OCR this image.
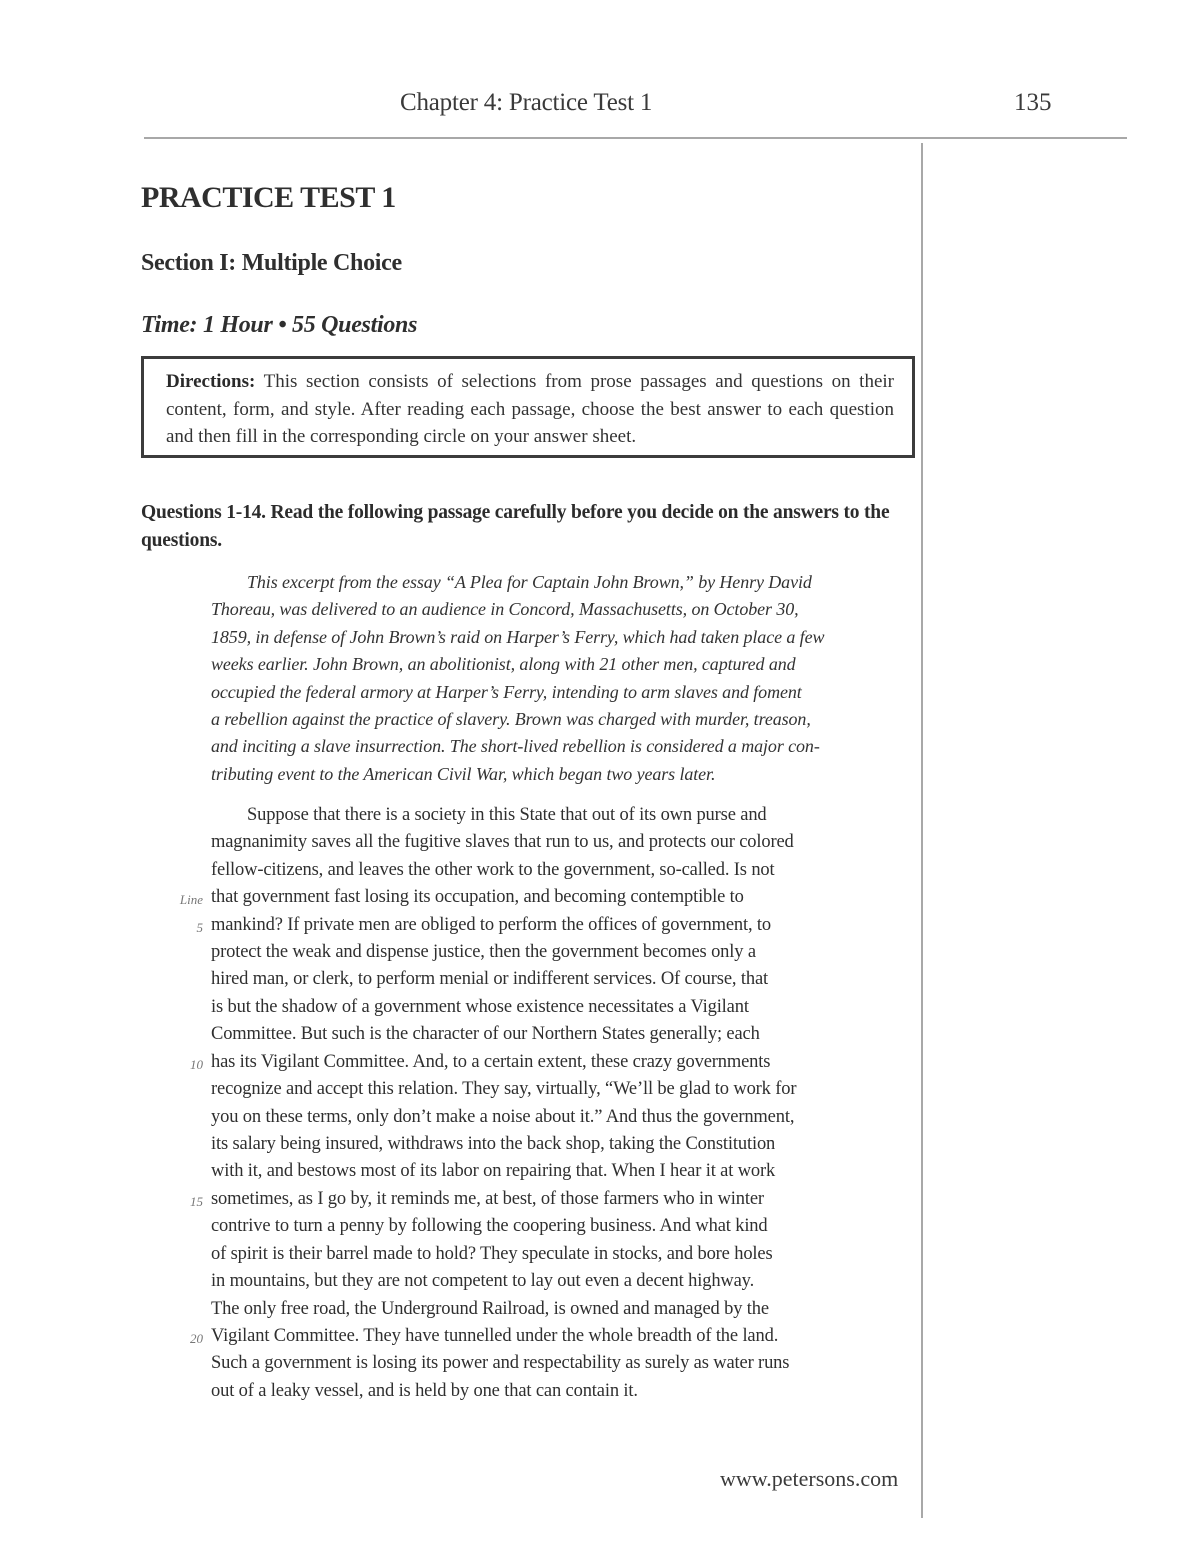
Chapter 4: Practice Test 1	135
PRACTICE TEST 1
Section I: Multiple Choice
Time: 1 Hour • 55 Questions
Directions: This section consists of selections from prose passages and questions on their content, form, and style. After reading each passage, choose the best answer to each question and then fill in the corresponding circle on your answer sheet.
Questions 1-14. Read the following passage carefully before you decide on the answers to the questions.
This excerpt from the essay “A Plea for Captain John Brown,” by Henry David
Thoreau, was delivered to an audience in Concord, Massachusetts, on October 30,
1859, in defense of John Brown’s raid on Harper’s Ferry, which had taken place a few
weeks earlier. John Brown, an abolitionist, along with 21 other men, captured and
occupied the federal armory at Harper’s Ferry, intending to arm slaves and foment
a rebellion against the practice of slavery. Brown was charged with murder, treason,
and inciting a slave insurrection. The short-lived rebellion is considered a major con-
tributing event to the American Civil War, which began two years later.
Suppose that there is a society in this State that out of its own purse and
magnanimity saves all the fugitive slaves that run to us, and protects our colored
fellow-citizens, and leaves the other work to the government, so-called. Is not
that government fast losing its occupation, and becoming contemptible to
mankind? If private men are obliged to perform the offices of government, to
protect the weak and dispense justice, then the government becomes only a
hired man, or clerk, to perform menial or indifferent services. Of course, that
is but the shadow of a government whose existence necessitates a Vigilant
Committee. But such is the character of our Northern States generally; each
has its Vigilant Committee. And, to a certain extent, these crazy governments
recognize and accept this relation. They say, virtually, “We’ll be glad to work for
you on these terms, only don’t make a noise about it.” And thus the government,
its salary being insured, withdraws into the back shop, taking the Constitution
with it, and bestows most of its labor on repairing that. When I hear it at work
sometimes, as I go by, it reminds me, at best, of those farmers who in winter
contrive to turn a penny by following the coopering business. And what kind
of spirit is their barrel made to hold? They speculate in stocks, and bore holes
in mountains, but they are not competent to lay out even a decent highway.
The only free road, the Underground Railroad, is owned and managed by the
Vigilant Committee. They have tunnelled under the whole breadth of the land.
Such a government is losing its power and respectability as surely as water runs
out of a leaky vessel, and is held by one that can contain it.
Line
5
10
15
20
www.petersons.com
